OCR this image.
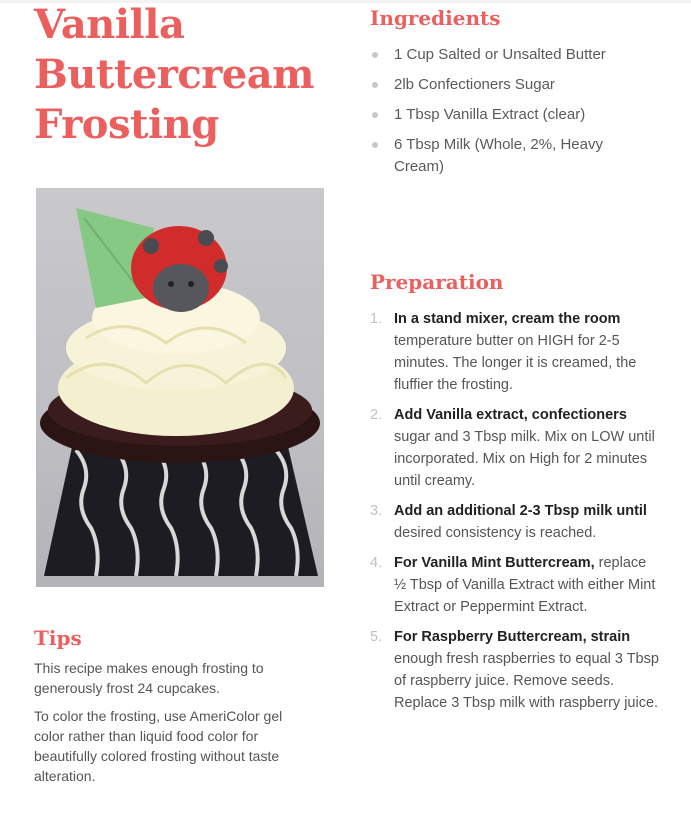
Vanilla
Buttercream
Frosting
Ingredients
1 Cup Salted or Unsalted Butter
2lb Confectioners Sugar
1 Tbsp Vanilla Extract (clear)
6 Tbsp Milk (Whole, 2%, Heavy Cream)
Preparation
1. In a stand mixer, cream the room temperature butter on HIGH for 2-5 minutes. The longer it is creamed, the fluffier the frosting.
2. Add Vanilla extract, confectioners sugar and 3 Tbsp milk. Mix on LOW until incorporated. Mix on High for 2 minutes until creamy.
3. Add an additional 2-3 Tbsp milk until desired consistency is reached.
4. For Vanilla Mint Buttercream, replace ½ Tbsp of Vanilla Extract with either Mint Extract or Peppermint Extract.
5. For Raspberry Buttercream, strain enough fresh raspberries to equal 3 Tbsp of raspberry juice. Remove seeds. Replace 3 Tbsp milk with raspberry juice.
Tips

This recipe makes enough frosting to generously frost 24 cupcakes.

To color the frosting, use AmeriColor gel color rather than liquid food color for beautifully colored frosting without taste alteration.
